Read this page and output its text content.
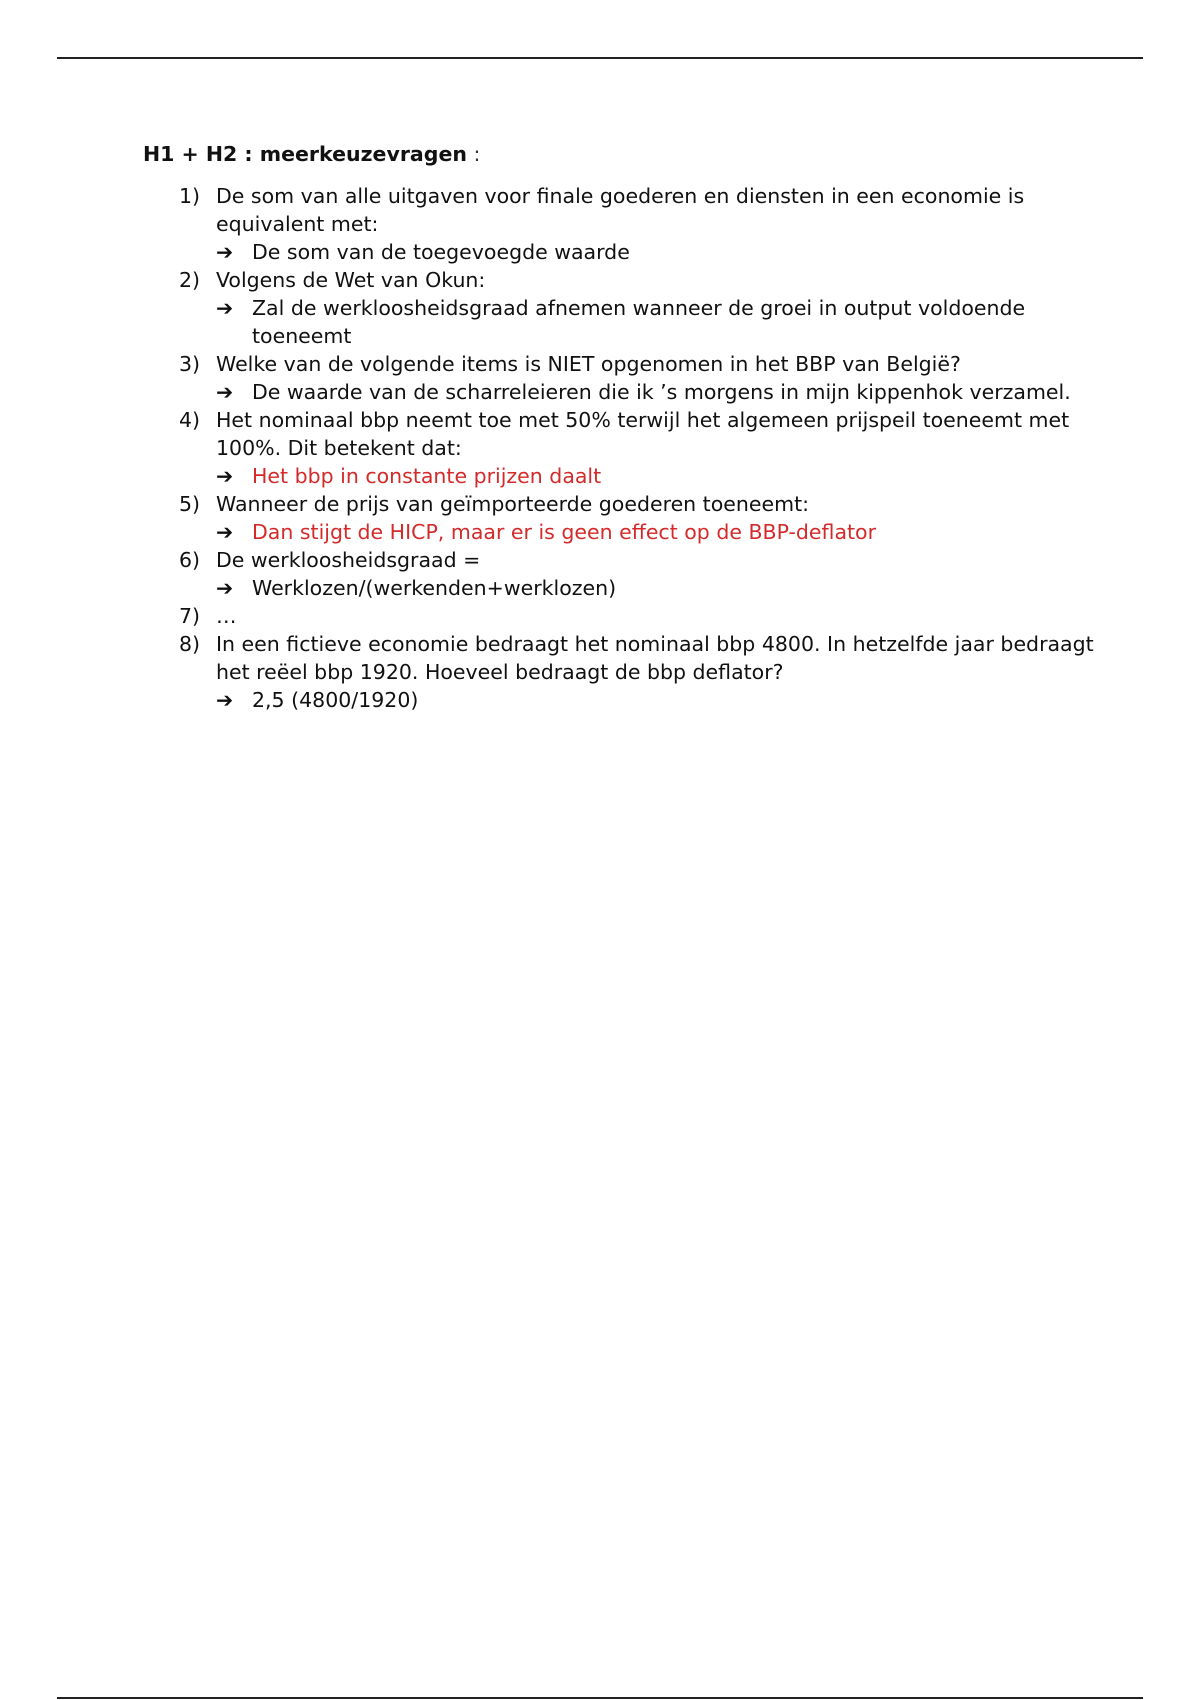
H1 + H2 : meerkeuzevragen :
1) De som van alle uitgaven voor finale goederen en diensten in een economie is equivalent met:
➔ De som van de toegevoegde waarde
2) Volgens de Wet van Okun:
➔ Zal de werkloosheidsgraad afnemen wanneer de groei in output voldoende toeneemt
3) Welke van de volgende items is NIET opgenomen in het BBP van België?
➔ De waarde van de scharreleieren die ik ’s morgens in mijn kippenhok verzamel.
4) Het nominaal bbp neemt toe met 50% terwijl het algemeen prijspeil toeneemt met 100%. Dit betekent dat:
➔ Het bbp in constante prijzen daalt
5) Wanneer de prijs van geïmporteerde goederen toeneemt:
➔ Dan stijgt de HICP, maar er is geen effect op de BBP-deflator
6) De werkloosheidsgraad =
➔ Werklozen/(werkenden+werklozen)
7) …
8) In een fictieve economie bedraagt het nominaal bbp 4800. In hetzelfde jaar bedraagt het reëel bbp 1920. Hoeveel bedraagt de bbp deflator?
➔ 2,5 (4800/1920)
